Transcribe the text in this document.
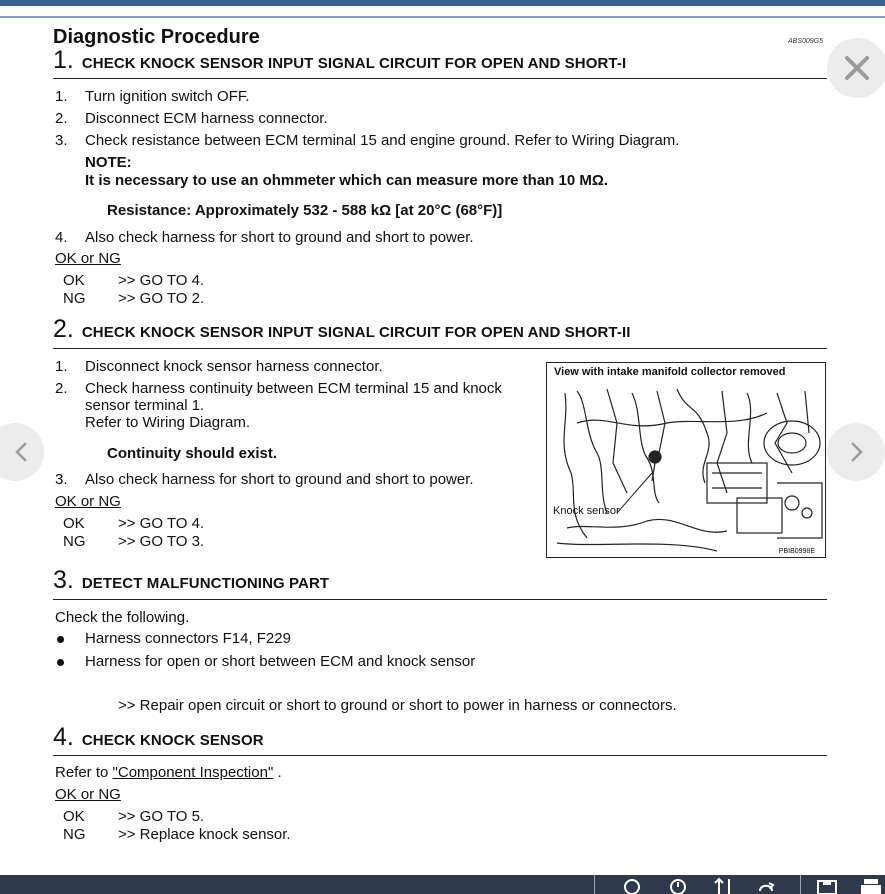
Diagnostic Procedure	ABS009G5
1. CHECK KNOCK SENSOR INPUT SIGNAL CIRCUIT FOR OPEN AND SHORT-I
1. Turn ignition switch OFF.
2. Disconnect ECM harness connector.
3. Check resistance between ECM terminal 15 and engine ground. Refer to Wiring Diagram.
NOTE:
It is necessary to use an ohmmeter which can measure more than 10 MΩ.
Resistance: Approximately 532 - 588 kΩ [at 20°C (68°F)]
4. Also check harness for short to ground and short to power.
OK or NG
OK >> GO TO 4.
NG >> GO TO 2.
2. CHECK KNOCK SENSOR INPUT SIGNAL CIRCUIT FOR OPEN AND SHORT-II
1. Disconnect knock sensor harness connector.
2. Check harness continuity between ECM terminal 15 and knock
sensor terminal 1.
Refer to Wiring Diagram.
Continuity should exist.
3. Also check harness for short to ground and short to power.
OK or NG
OK >> GO TO 4.
NG >> GO TO 3.
View with intake manifold collector removed
Knock sensor
PBIB0998E
3. DETECT MALFUNCTIONING PART
Check the following.
Harness connectors F14, F229
Harness for open or short between ECM and knock sensor
>> Repair open circuit or short to ground or short to power in harness or connectors.
4. CHECK KNOCK SENSOR
Refer to "Component Inspection" .
OK or NG
OK >> GO TO 5.
NG >> Replace knock sensor.
